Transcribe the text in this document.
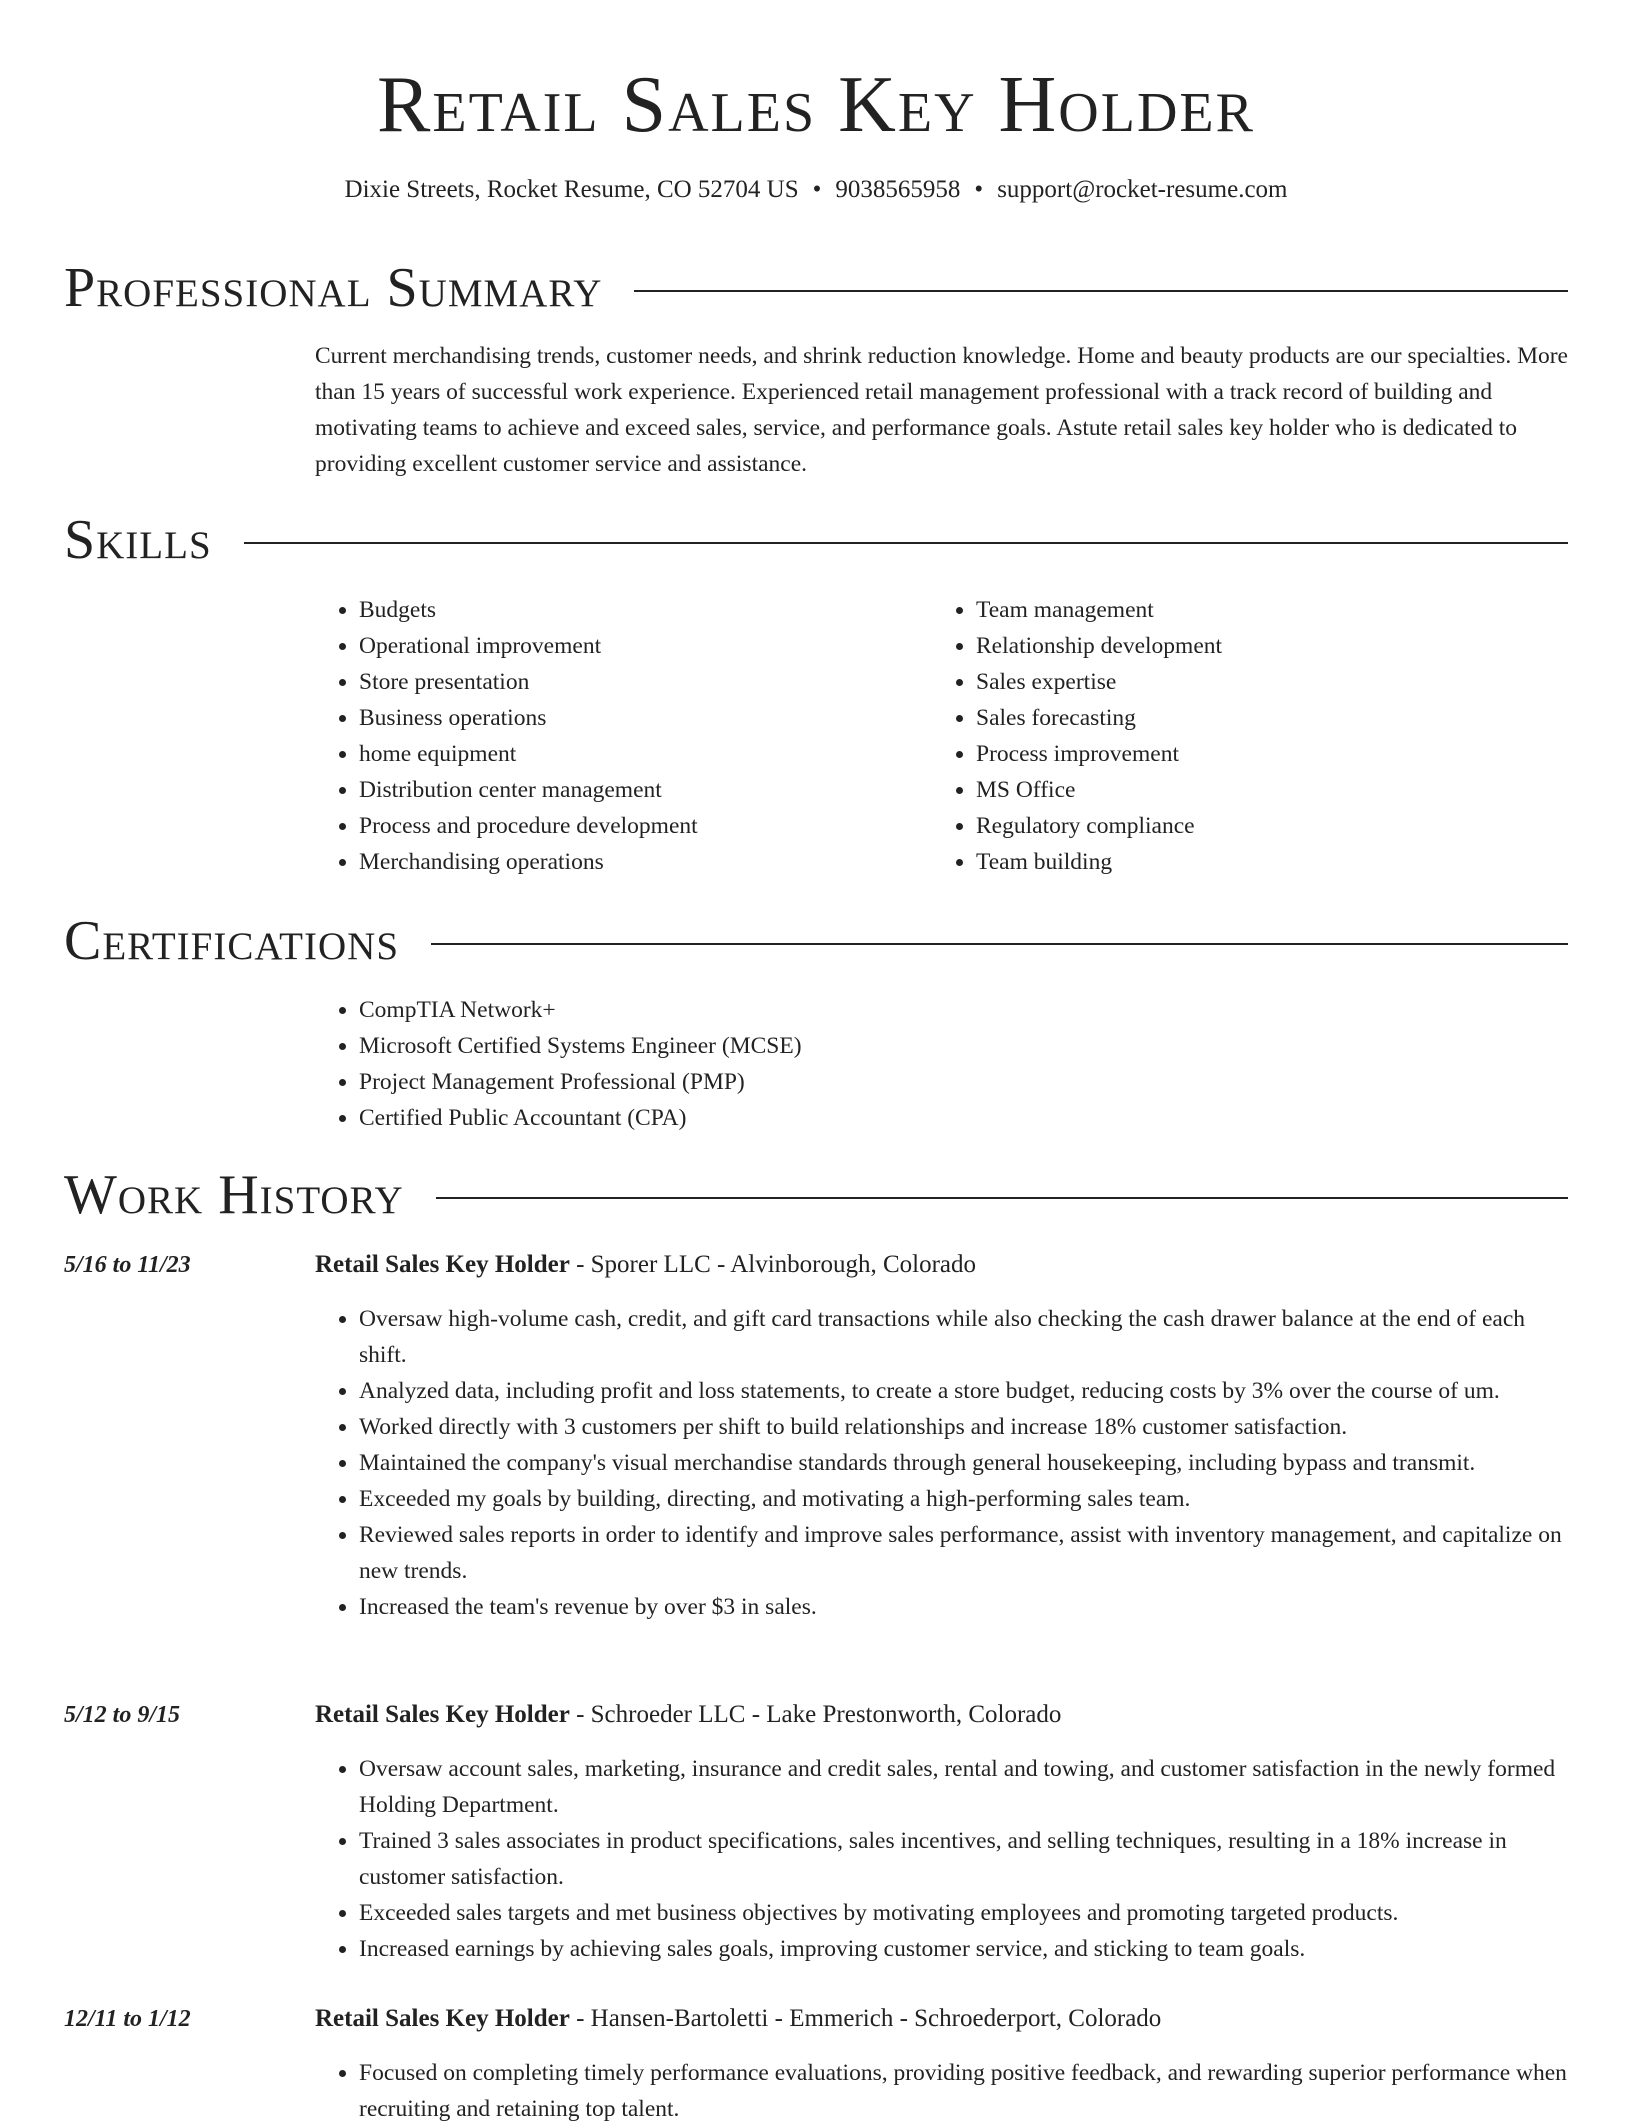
Retail Sales Key Holder
Dixie Streets, Rocket Resume, CO 52704 US • 9038565958 • support@rocket-resume.com
Professional Summary
Current merchandising trends, customer needs, and shrink reduction knowledge. Home and beauty products are our specialties. More than 15 years of successful work experience. Experienced retail management professional with a track record of building and motivating teams to achieve and exceed sales, service, and performance goals. Astute retail sales key holder who is dedicated to providing excellent customer service and assistance.
Skills
• Budgets
• Operational improvement
• Store presentation
• Business operations
• home equipment
• Distribution center management
• Process and procedure development
• Merchandising operations
• Team management
• Relationship development
• Sales expertise
• Sales forecasting
• Process improvement
• MS Office
• Regulatory compliance
• Team building
Certifications
• CompTIA Network+
• Microsoft Certified Systems Engineer (MCSE)
• Project Management Professional (PMP)
• Certified Public Accountant (CPA)
Work History
5/16 to 11/23	Retail Sales Key Holder - Sporer LLC - Alvinborough, Colorado
• Oversaw high-volume cash, credit, and gift card transactions while also checking the cash drawer balance at the end of each shift.
• Analyzed data, including profit and loss statements, to create a store budget, reducing costs by 3% over the course of um.
• Worked directly with 3 customers per shift to build relationships and increase 18% customer satisfaction.
• Maintained the company's visual merchandise standards through general housekeeping, including bypass and transmit.
• Exceeded my goals by building, directing, and motivating a high-performing sales team.
• Reviewed sales reports in order to identify and improve sales performance, assist with inventory management, and capitalize on new trends.
• Increased the team's revenue by over $3 in sales.
5/12 to 9/15	Retail Sales Key Holder - Schroeder LLC - Lake Prestonworth, Colorado
• Oversaw account sales, marketing, insurance and credit sales, rental and towing, and customer satisfaction in the newly formed Holding Department.
• Trained 3 sales associates in product specifications, sales incentives, and selling techniques, resulting in a 18% increase in customer satisfaction.
• Exceeded sales targets and met business objectives by motivating employees and promoting targeted products.
• Increased earnings by achieving sales goals, improving customer service, and sticking to team goals.
12/11 to 1/12	Retail Sales Key Holder - Hansen-Bartoletti - Emmerich - Schroederport, Colorado
• Focused on completing timely performance evaluations, providing positive feedback, and rewarding superior performance when recruiting and retaining top talent.
